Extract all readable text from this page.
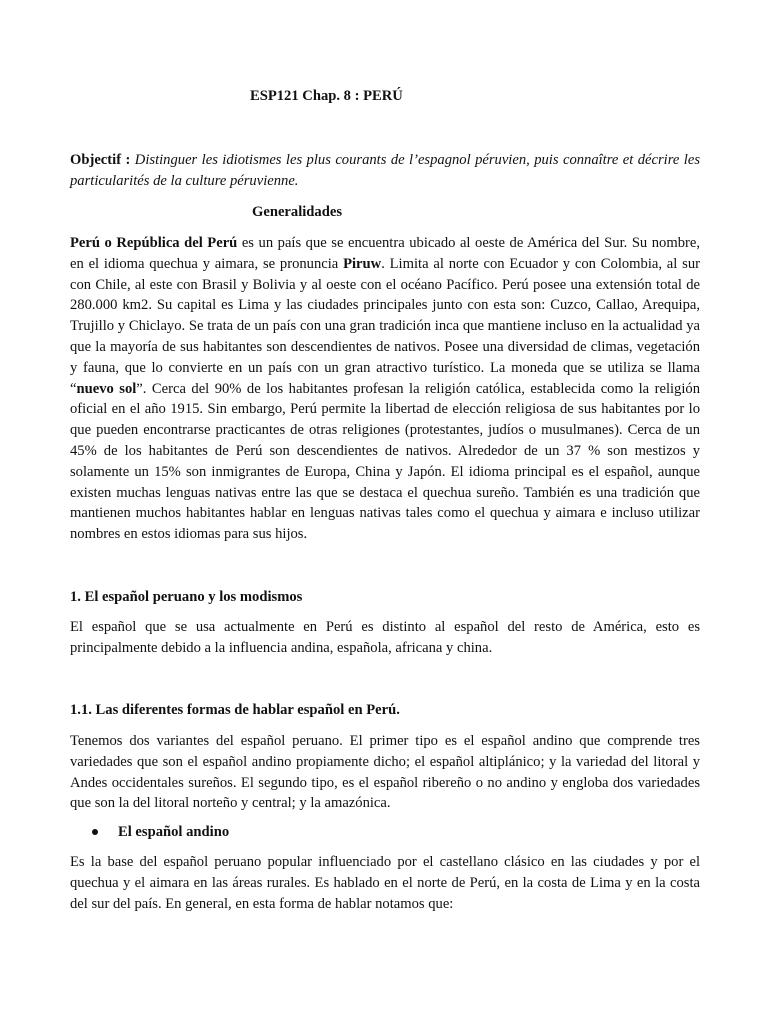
ESP121 Chap. 8 : PERÚ

Objectif : Distinguer les idiotismes les plus courants de l’espagnol péruvien, puis connaître et décrire les particularités de la culture péruvienne.

Generalidades

Perú o República del Perú es un país que se encuentra ubicado al oeste de América del Sur. Su nombre, en el idioma quechua y aimara, se pronuncia Piruw. Limita al norte con Ecuador y con Colombia, al sur con Chile, al este con Brasil y Bolivia y al oeste con el océano Pacífico. Perú posee una extensión total de 280.000 km2. Su capital es Lima y las ciudades principales junto con esta son: Cuzco, Callao, Arequipa, Trujillo y Chiclayo. Se trata de un país con una gran tradición inca que mantiene incluso en la actualidad ya que la mayoría de sus habitantes son descendientes de nativos. Posee una diversidad de climas, vegetación y fauna, que lo convierte en un país con un gran atractivo turístico. La moneda que se utiliza se llama “nuevo sol”. Cerca del 90% de los habitantes profesan la religión católica, establecida como la religión oficial en el año 1915. Sin embargo, Perú permite la libertad de elección religiosa de sus habitantes por lo que pueden encontrarse practicantes de otras religiones (protestantes, judíos o musulmanes). Cerca de un 45% de los habitantes de Perú son descendientes de nativos. Alrededor de un 37 % son mestizos y solamente un 15% son inmigrantes de Europa, China y Japón. El idioma principal es el español, aunque existen muchas lenguas nativas entre las que se destaca el quechua sureño. También es una tradición que mantienen muchos habitantes hablar en lenguas nativas tales como el quechua y aimara e incluso utilizar nombres en estos idiomas para sus hijos.

1. El español peruano y los modismos

El español que se usa actualmente en Perú es distinto al español del resto de América, esto es principalmente debido a la influencia andina, española, africana y china.

1.1. Las diferentes formas de hablar español en Perú.

Tenemos dos variantes del español peruano. El primer tipo es el español andino que comprende tres variedades que son el español andino propiamente dicho; el español altiplánico; y la variedad del litoral y Andes occidentales sureños. El segundo tipo, es el español ribereño o no andino y engloba dos variedades que son la del litoral norteño y central; y la amazónica.

El español andino

Es la base del español peruano popular influenciado por el castellano clásico en las ciudades y por el quechua y el aimara en las áreas rurales. Es hablado en el norte de Perú, en la costa de Lima y en la costa del sur del país. En general, en esta forma de hablar notamos que:
